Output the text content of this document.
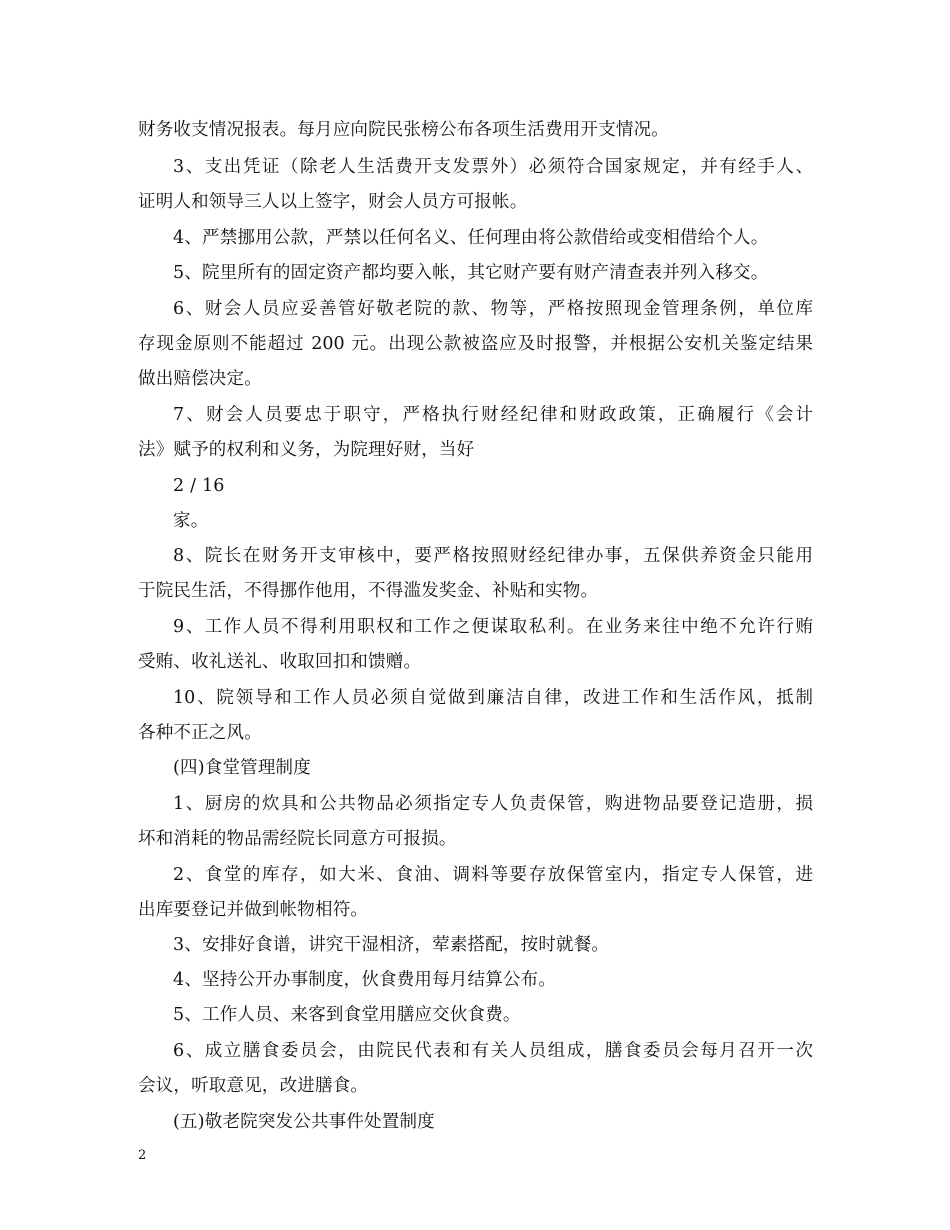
财务收支情况报表。每月应向院民张榜公布各项生活费用开支情况。
3、支出凭证（除老人生活费开支发票外）必须符合国家规定，并有经手人、
证明人和领导三人以上签字，财会人员方可报帐。
4、严禁挪用公款，严禁以任何名义、任何理由将公款借给或变相借给个人。
5、院里所有的固定资产都均要入帐，其它财产要有财产清查表并列入移交。
6、财会人员应妥善管好敬老院的款、物等，严格按照现金管理条例，单位库
存现金原则不能超过 200 元。出现公款被盗应及时报警，并根据公安机关鉴定结果
做出赔偿决定。
7、财会人员要忠于职守，严格执行财经纪律和财政政策，正确履行《会计
法》赋予的权利和义务，为院理好财，当好
2 / 16
家。
8、院长在财务开支审核中，要严格按照财经纪律办事，五保供养资金只能用
于院民生活，不得挪作他用，不得滥发奖金、补贴和实物。
9、工作人员不得利用职权和工作之便谋取私利。在业务来往中绝不允许行贿
受贿、收礼送礼、收取回扣和馈赠。
10、院领导和工作人员必须自觉做到廉洁自律，改进工作和生活作风，抵制
各种不正之风。
(四)食堂管理制度
1、厨房的炊具和公共物品必须指定专人负责保管，购进物品要登记造册，损
坏和消耗的物品需经院长同意方可报损。
2、食堂的库存，如大米、食油、调料等要存放保管室内，指定专人保管，进
出库要登记并做到帐物相符。
3、安排好食谱，讲究干湿相济，荤素搭配，按时就餐。
4、坚持公开办事制度，伙食费用每月结算公布。
5、工作人员、来客到食堂用膳应交伙食费。
6、成立膳食委员会，由院民代表和有关人员组成，膳食委员会每月召开一次
会议，听取意见，改进膳食。
(五)敬老院突发公共事件处置制度
2
